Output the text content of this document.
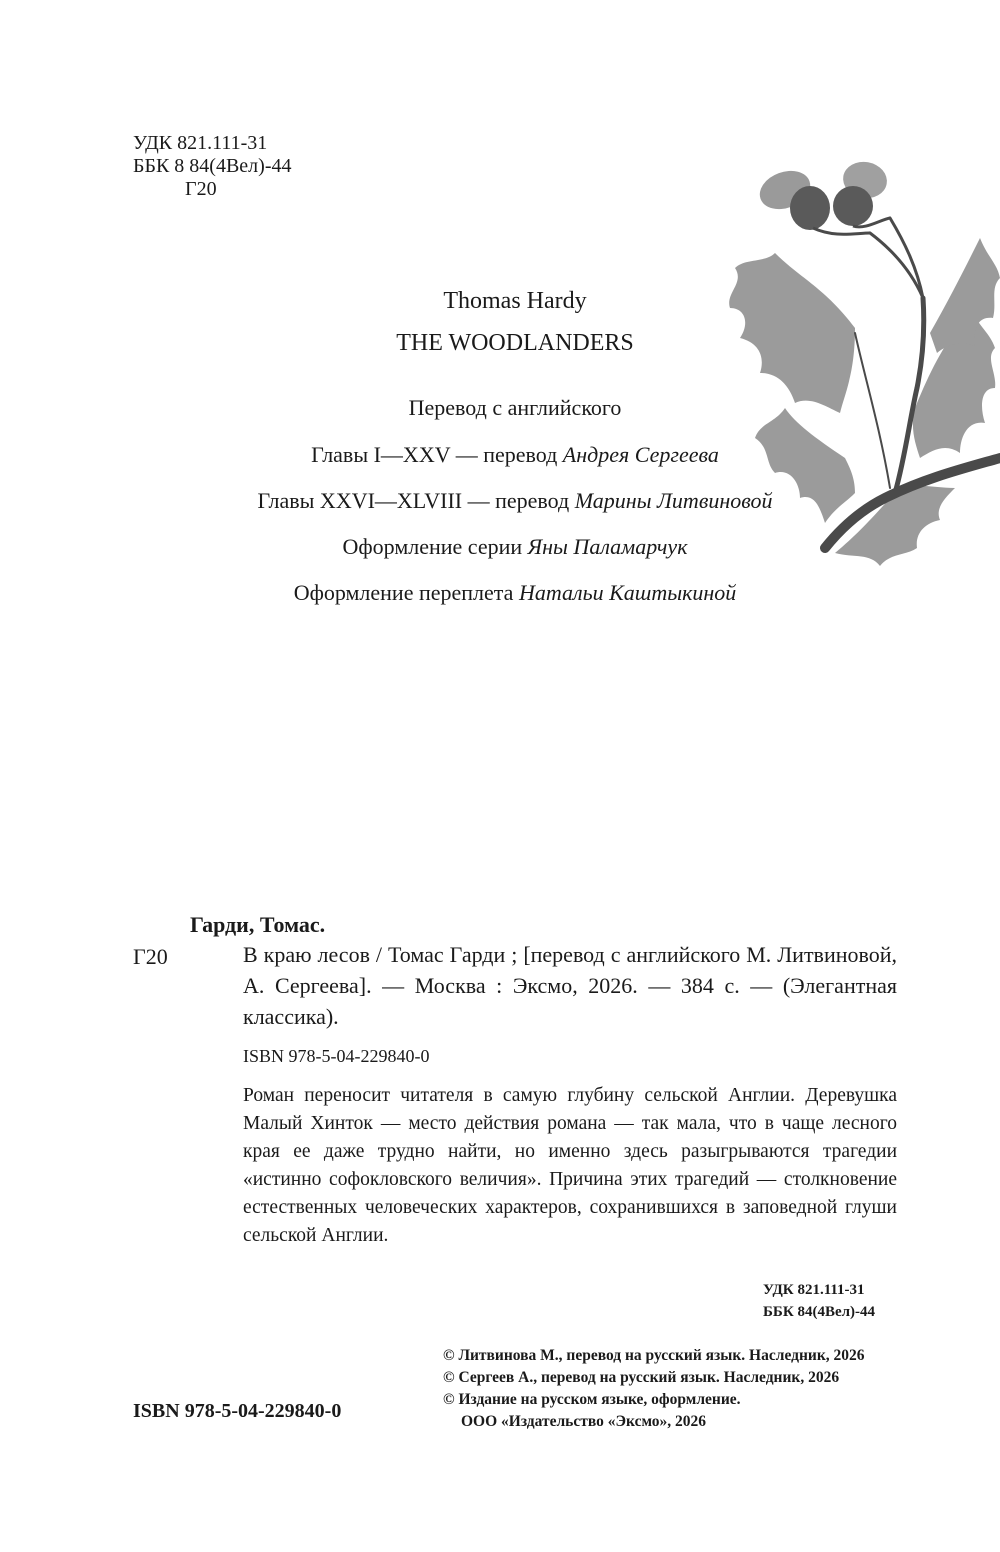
УДК 821.111-31
ББК 8 84(4Вел)-44
Г20
Thomas Hardy
THE WOODLANDERS
Перевод с английского
Главы I—XXV — перевод Андрея Сергеева
Главы XXVI—XLVIII — перевод Марины Литвиновой
Оформление серии Яны Паламарчук
Оформление переплета Натальи Каштыкиной
Гарди, Томас.
Г20	В краю лесов / Томас Гарди ; [перевод с английского М. Литвиновой, А. Сергеева]. — Москва : Эксмо, 2026. — 384 с. — (Элегантная классика).
ISBN 978-5-04-229840-0
Роман переносит читателя в самую глубину сельской Англии. Деревушка Малый Хинток — место действия романа — так мала, что в чаще лесного края ее даже трудно найти, но именно здесь разыгрываются трагедии «истинно софокловского величия». Причина этих трагедий — столкновение естественных человеческих характеров, сохранившихся в заповедной глуши сельской Англии.
УДК 821.111-31
ББК 84(4Вел)-44
© Литвинова М., перевод на русский язык. Наследник, 2026
© Сергеев А., перевод на русский язык. Наследник, 2026
© Издание на русском языке, оформление.
ООО «Издательство «Эксмо», 2026
ISBN 978-5-04-229840-0
